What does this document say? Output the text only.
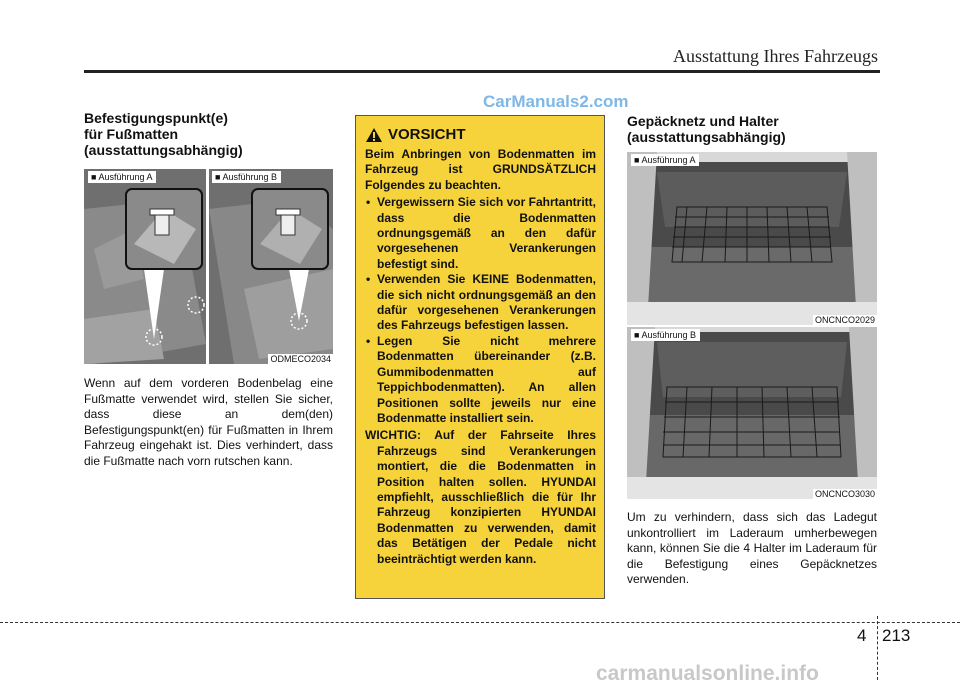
Ausstattung Ihres Fahrzeugs
CarManuals2.com
Befestigungspunkt(e)
für Fußmatten
(ausstattungsabhängig)
■ Ausführung A	■ Ausführung B
ODMECO2034

Wenn auf dem vorderen Bodenbelag eine Fußmatte verwendet wird, stellen Sie sicher, dass diese an dem(den) Befestigungspunkt(en) für Fußmatten in Ihrem Fahrzeug eingehakt ist. Dies verhindert, dass die Fußmatte nach vorn rutschen kann.

VORSICHT

Beim Anbringen von Bodenmatten im Fahrzeug ist GRUNDSÄTZLICH Folgendes zu beachten.

• Vergewissern Sie sich vor Fahrtantritt, dass die Bodenmatten ordnungsgemäß an den dafür vorgesehenen Verankerungen befestigt sind.
• Verwenden Sie KEINE Bodenmatten, die sich nicht ordnungsgemäß an den dafür vorgesehenen Verankerungen des Fahrzeugs befestigen lassen.
• Legen Sie nicht mehrere Bodenmatten übereinander (z.B. Gummibodenmatten auf Teppichbodenmatten). An allen Positionen sollte jeweils nur eine Bodenmatte installiert sein.

WICHTIG: Auf der Fahrseite Ihres Fahrzeugs sind Verankerungen montiert, die die Bodenmatten in Position halten sollen. HYUNDAI empfiehlt, ausschließlich die für Ihr Fahrzeug konzipierten HYUNDAI Bodenmatten zu verwenden, damit das Betätigen der Pedale nicht beeinträchtigt werden kann.

Gepäcknetz und Halter
(ausstattungsabhängig)
■ Ausführung A
ONCNCO2029
■ Ausführung B
ONCNCO3030

Um zu verhindern, dass sich das Ladegut unkontrolliert im Laderaum umherbewegen kann, können Sie die 4 Halter im Laderaum für die Befestigung eines Gepäcknetzes verwenden.

4 213
carmanualsonline.info
